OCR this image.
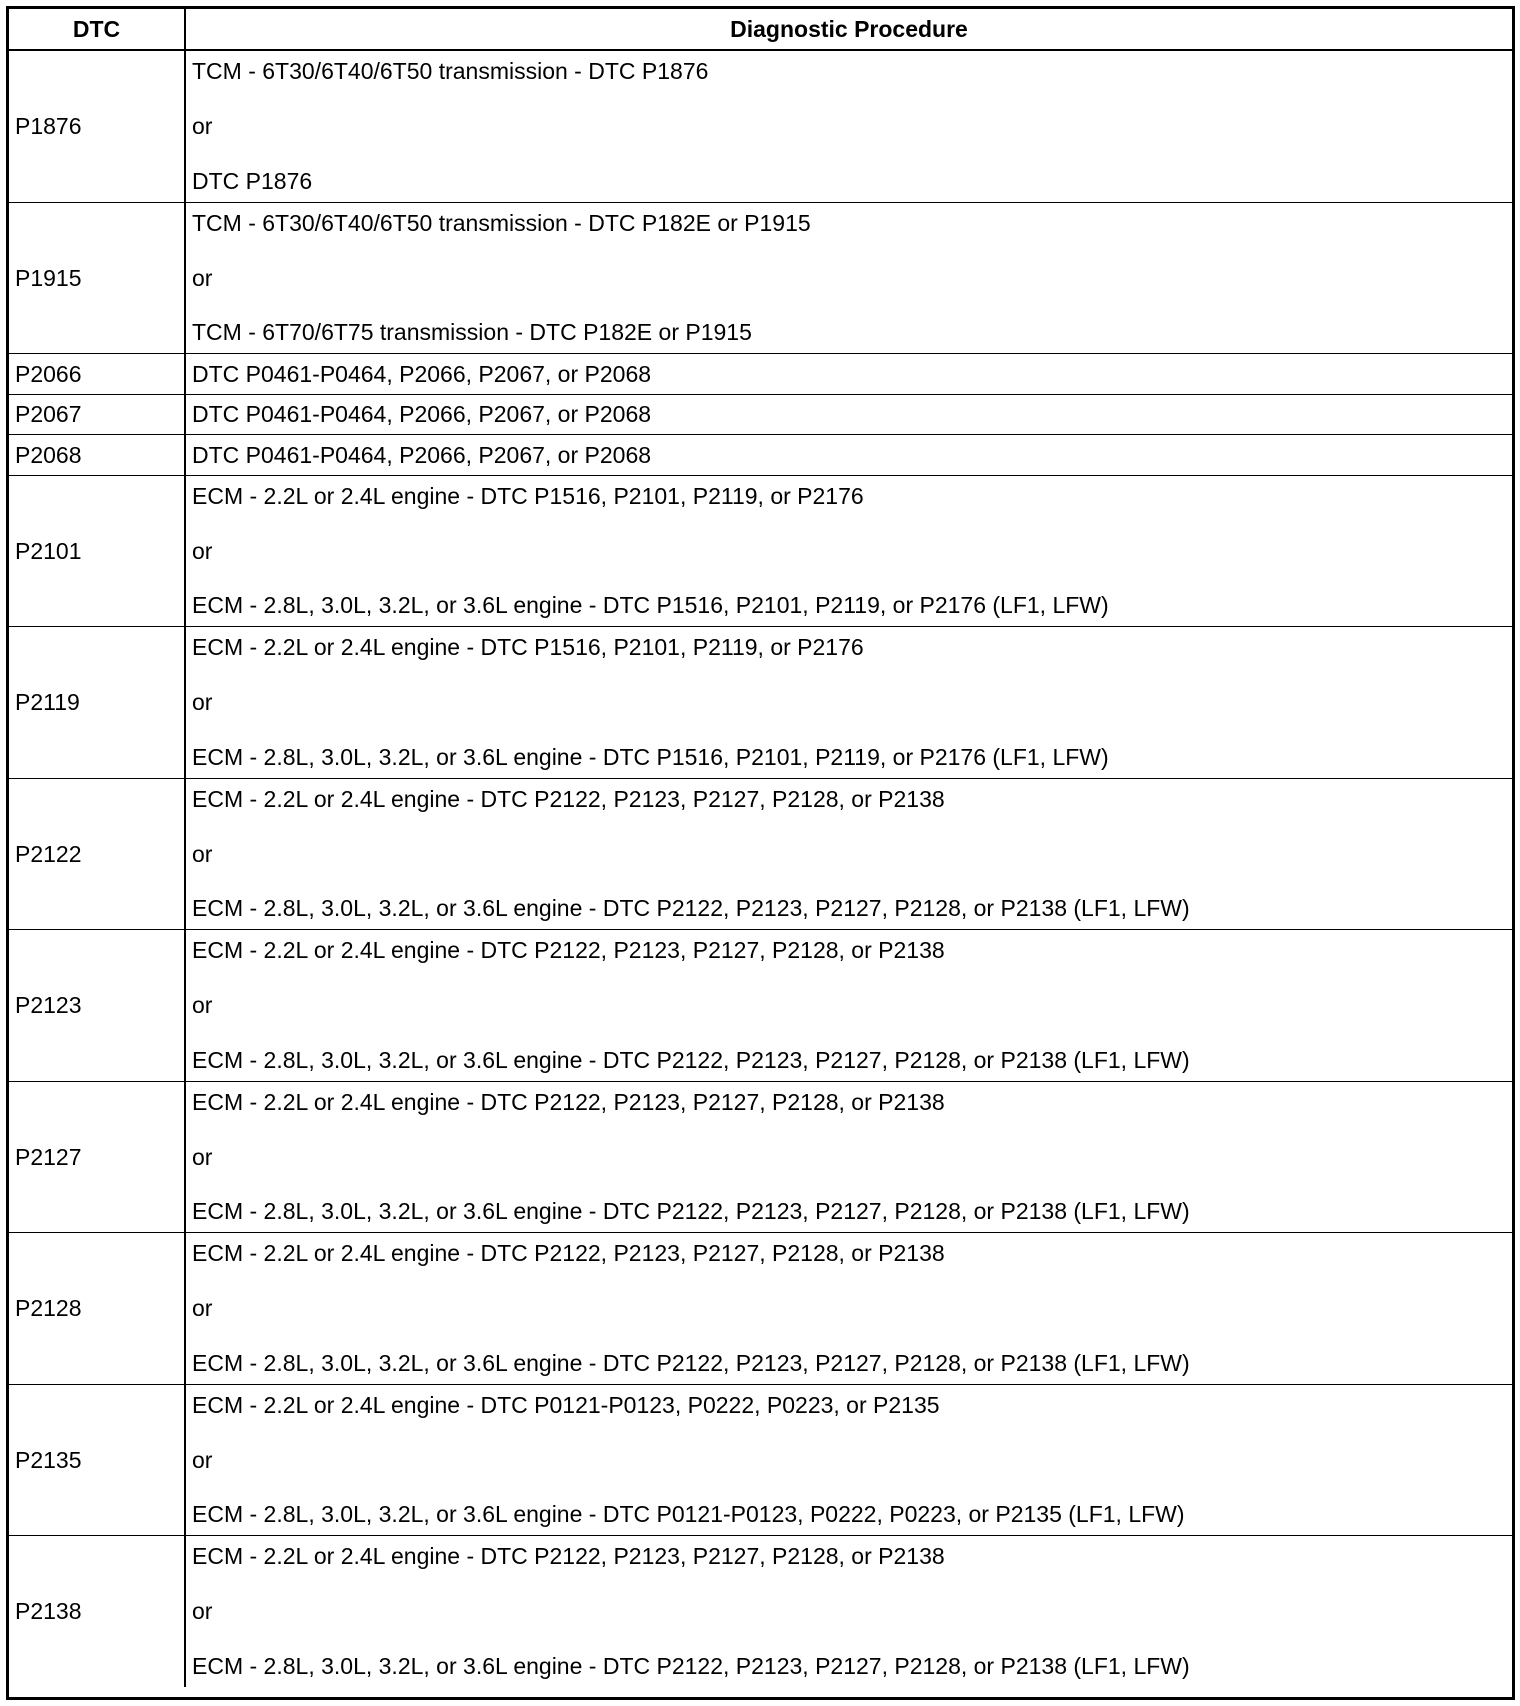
DTC	Diagnostic Procedure
P1876	TCM - 6T30/6T40/6T50 transmission - DTC P1876
or
DTC P1876

P1915	TCM - 6T30/6T40/6T50 transmission - DTC P182E or P1915
or
TCM - 6T70/6T75 transmission - DTC P182E or P1915

P2066	DTC P0461-P0464, P2066, P2067, or P2068
P2067	DTC P0461-P0464, P2066, P2067, or P2068
P2068	DTC P0461-P0464, P2066, P2067, or P2068
P2101	ECM - 2.2L or 2.4L engine - DTC P1516, P2101, P2119, or P2176
or
ECM - 2.8L, 3.0L, 3.2L, or 3.6L engine - DTC P1516, P2101, P2119, or P2176 (LF1, LFW)

P2119	ECM - 2.2L or 2.4L engine - DTC P1516, P2101, P2119, or P2176
or
ECM - 2.8L, 3.0L, 3.2L, or 3.6L engine - DTC P1516, P2101, P2119, or P2176 (LF1, LFW)

P2122	ECM - 2.2L or 2.4L engine - DTC P2122, P2123, P2127, P2128, or P2138
or
ECM - 2.8L, 3.0L, 3.2L, or 3.6L engine - DTC P2122, P2123, P2127, P2128, or P2138 (LF1, LFW)

P2123	ECM - 2.2L or 2.4L engine - DTC P2122, P2123, P2127, P2128, or P2138
or
ECM - 2.8L, 3.0L, 3.2L, or 3.6L engine - DTC P2122, P2123, P2127, P2128, or P2138 (LF1, LFW)

P2127	ECM - 2.2L or 2.4L engine - DTC P2122, P2123, P2127, P2128, or P2138
or
ECM - 2.8L, 3.0L, 3.2L, or 3.6L engine - DTC P2122, P2123, P2127, P2128, or P2138 (LF1, LFW)

P2128	ECM - 2.2L or 2.4L engine - DTC P2122, P2123, P2127, P2128, or P2138
or
ECM - 2.8L, 3.0L, 3.2L, or 3.6L engine - DTC P2122, P2123, P2127, P2128, or P2138 (LF1, LFW)

P2135	ECM - 2.2L or 2.4L engine - DTC P0121-P0123, P0222, P0223, or P2135
or
ECM - 2.8L, 3.0L, 3.2L, or 3.6L engine - DTC P0121-P0123, P0222, P0223, or P2135 (LF1, LFW)

P2138	ECM - 2.2L or 2.4L engine - DTC P2122, P2123, P2127, P2128, or P2138
or
ECM - 2.8L, 3.0L, 3.2L, or 3.6L engine - DTC P2122, P2123, P2127, P2128, or P2138 (LF1, LFW)
